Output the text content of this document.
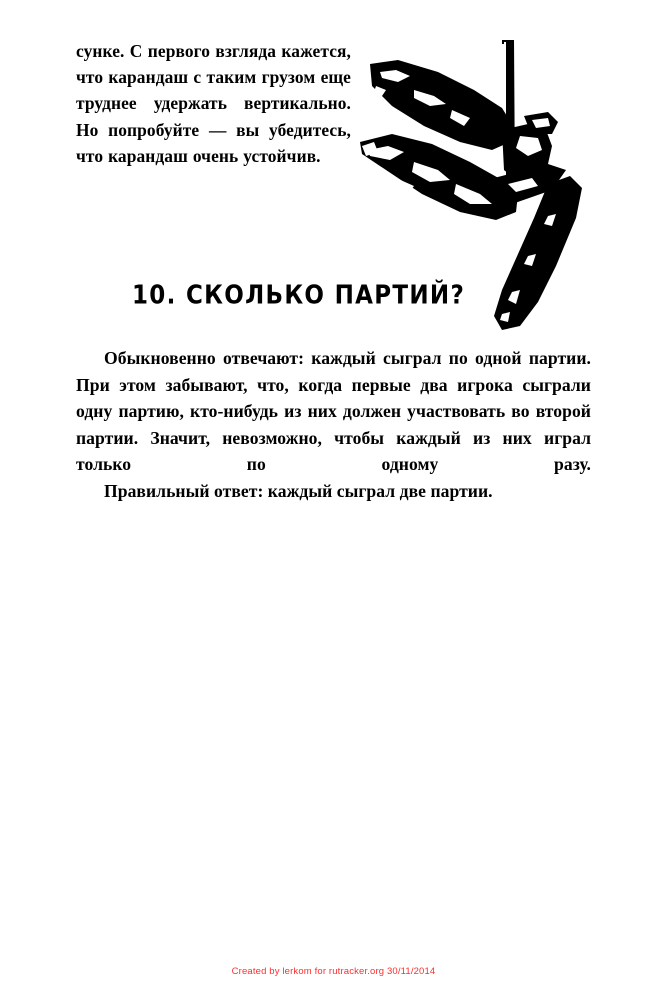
сунке. С первого взгляда кажется, что карандаш с таким грузом еще труднее удержать вертикально. Но попробуйте — вы убедитесь, что карандаш очень устойчив.

10. СКОЛЬКО ПАРТИЙ?

Обыкновенно отвечают: каждый сыграл по одной партии. При этом забывают, что, когда первые два игрока сыграли одну партию, кто-нибудь из них должен участвовать во второй партии. Значит, невозможно, чтобы каждый из них играл только по одному разу.

Правильный ответ: каждый сыграл две партии.

Created by lerkom for rutracker.org 30/11/2014
